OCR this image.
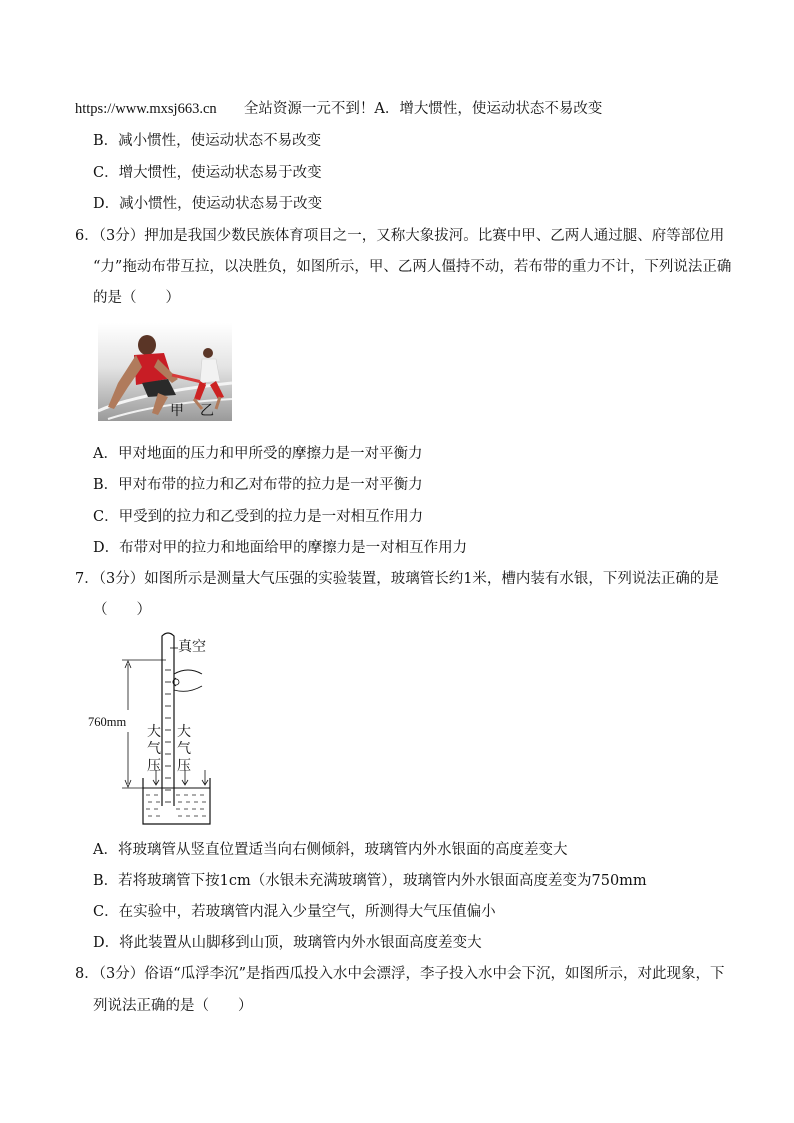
https://www.mxsj663.cn 全站资源一元不到！A．增大惯性，使运动状态不易改变
B．减小惯性，使运动状态不易改变
C．增大惯性，使运动状态易于改变
D．减小惯性，使运动状态易于改变
6．（3分）押加是我国少数民族体育项目之一，又称大象拔河。比赛中甲、乙两人通过腿、府等部位用
“力”拖动布带互拉，以决胜负，如图所示，甲、乙两人僵持不动，若布带的重力不计，下列说法正确
的是（　　）
甲 乙
A．甲对地面的压力和甲所受的摩擦力是一对平衡力
B．甲对布带的拉力和乙对布带的拉力是一对平衡力
C．甲受到的拉力和乙受到的拉力是一对相互作用力
D．布带对甲的拉力和地面给甲的摩擦力是一对相互作用力
7．（3分）如图所示是测量大气压强的实验装置，玻璃管长约1米，槽内装有水银，下列说法正确的是
（　　）
真空
760mm
大
气
压
大
气
压
A．将玻璃管从竖直位置适当向右侧倾斜，玻璃管内外水银面的高度差变大
B．若将玻璃管下按1cm（水银未充满玻璃管），玻璃管内外水银面高度差变为750mm
C．在实验中，若玻璃管内混入少量空气，所测得大气压值偏小
D．将此装置从山脚移到山顶，玻璃管内外水银面高度差变大
8．（3分）俗语“瓜浮李沉”是指西瓜投入水中会漂浮，李子投入水中会下沉，如图所示，对此现象，下
列说法正确的是（　　）
